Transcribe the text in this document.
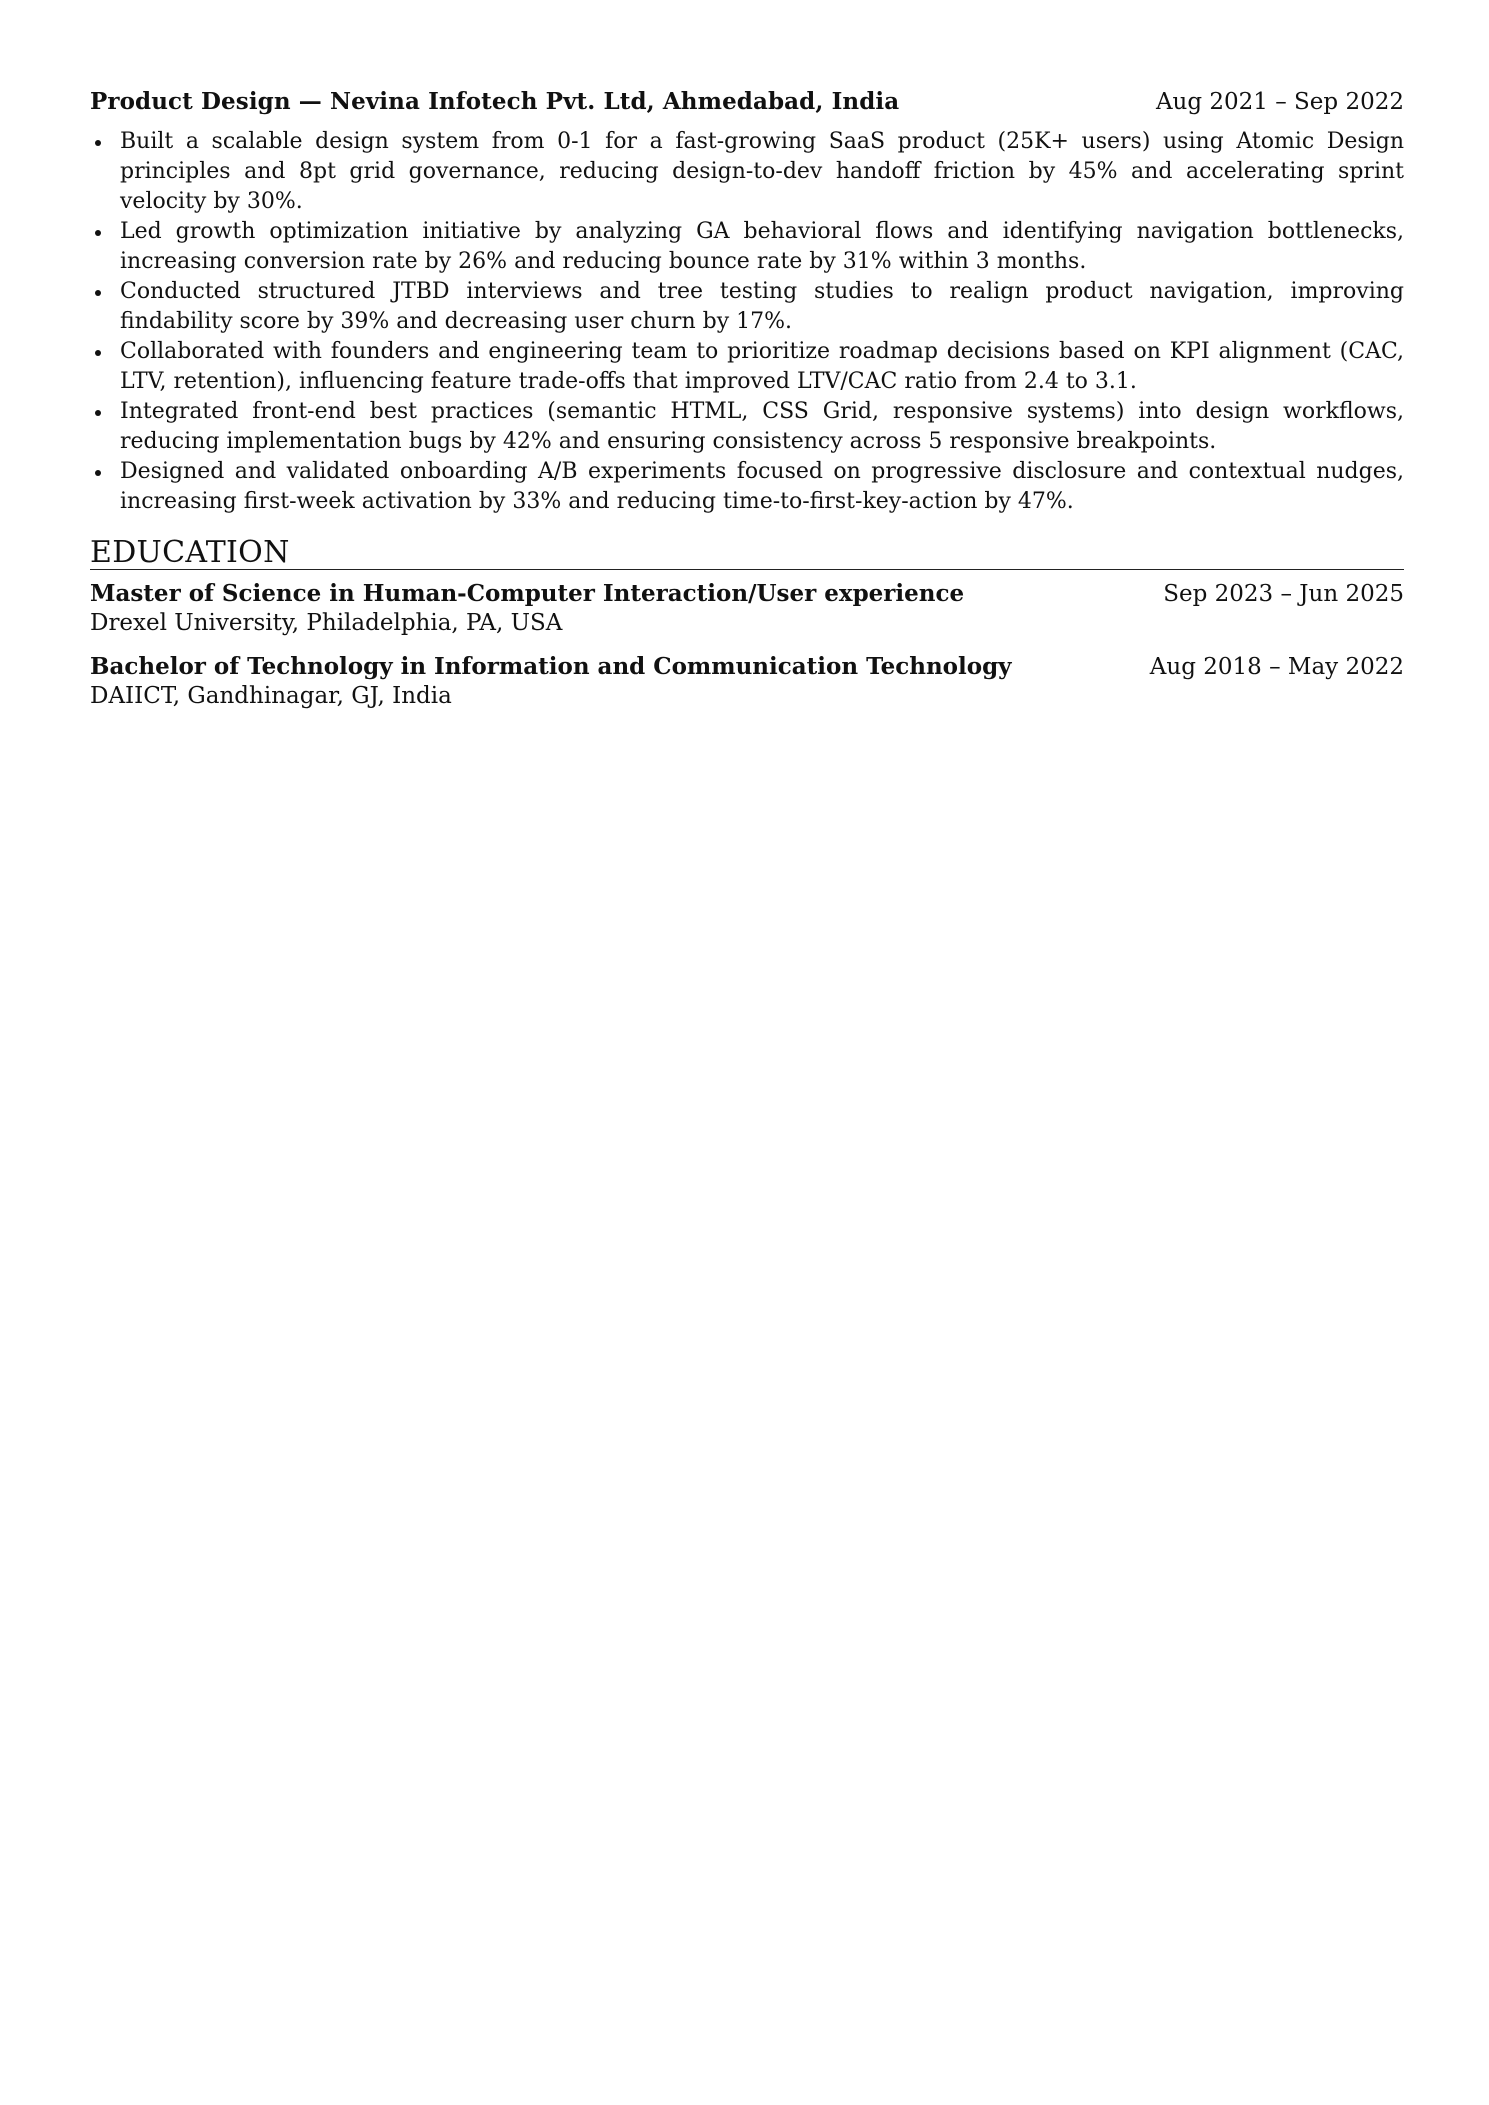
Product Design — Nevina Infotech Pvt. Ltd, Ahmedabad, India	Aug 2021 – Sep 2022
Built a scalable design system from 0-1 for a fast-growing SaaS product (25K+ users) using Atomic Design principles and 8pt grid governance, reducing design-to-dev handoff friction by 45% and accelerating sprint velocity by 30%.
Led growth optimization initiative by analyzing GA behavioral flows and identifying navigation bottlenecks, increasing conversion rate by 26% and reducing bounce rate by 31% within 3 months.
Conducted structured JTBD interviews and tree testing studies to realign product navigation, improving findability score by 39% and decreasing user churn by 17%.
Collaborated with founders and engineering team to prioritize roadmap decisions based on KPI alignment (CAC, LTV, retention), influencing feature trade-offs that improved LTV/CAC ratio from 2.4 to 3.1.
Integrated front-end best practices (semantic HTML, CSS Grid, responsive systems) into design workflows, reducing implementation bugs by 42% and ensuring consistency across 5 responsive breakpoints.
Designed and validated onboarding A/B experiments focused on progressive disclosure and contextual nudges, increasing first-week activation by 33% and reducing time-to-first-key-action by 47%.
EDUCATION
Master of Science in Human-Computer Interaction/User experience	Sep 2023 – Jun 2025
Drexel University, Philadelphia, PA, USA
Bachelor of Technology in Information and Communication Technology	Aug 2018 – May 2022
DAIICT, Gandhinagar, GJ, India
